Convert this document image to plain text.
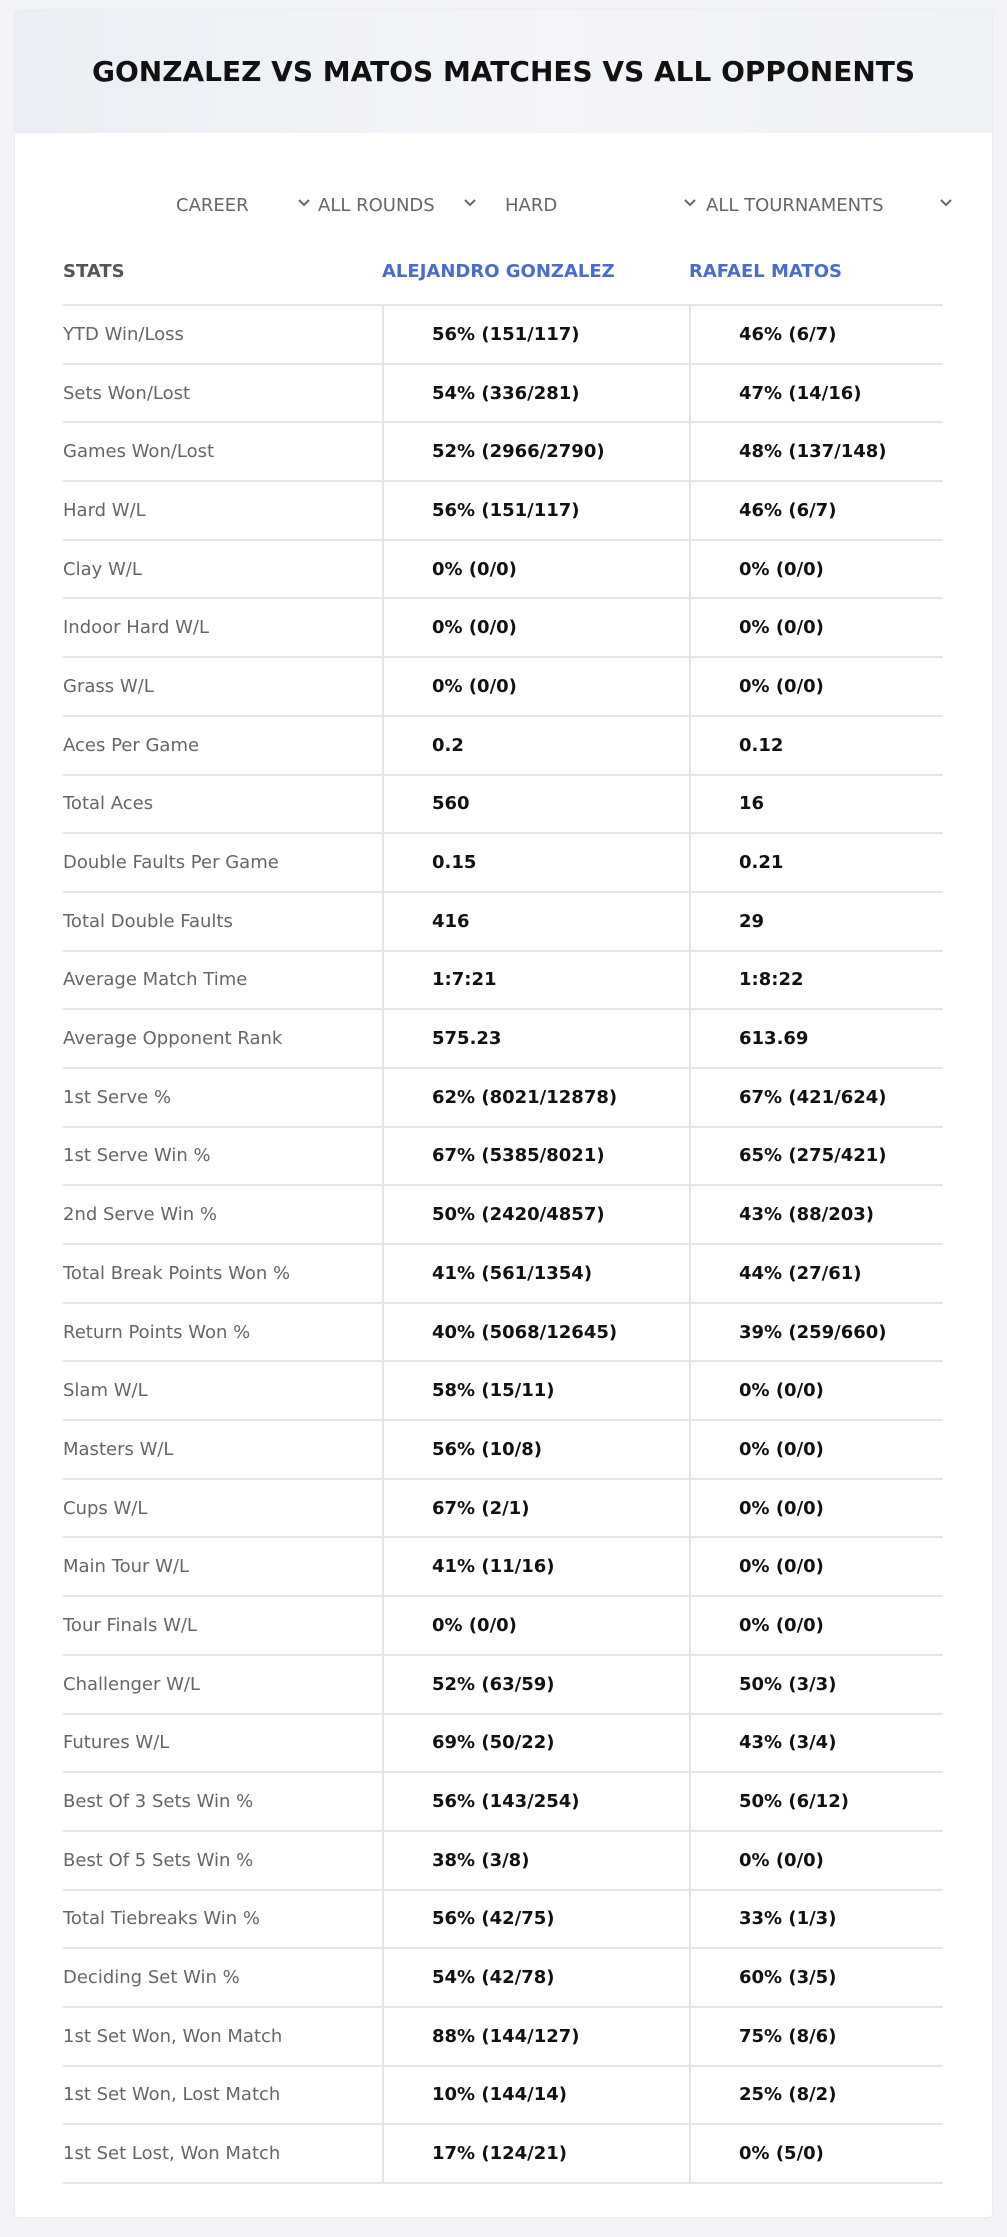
GONZALEZ VS MATOS MATCHES VS ALL OPPONENTS
CAREER	ALL ROUNDS	HARD	ALL TOURNAMENTS
STATS	ALEJANDRO GONZALEZ	RAFAEL MATOS
YTD Win/Loss	56% (151/117)	46% (6/7)
Sets Won/Lost	54% (336/281)	47% (14/16)
Games Won/Lost	52% (2966/2790)	48% (137/148)
Hard W/L	56% (151/117)	46% (6/7)
Clay W/L	0% (0/0)	0% (0/0)
Indoor Hard W/L	0% (0/0)	0% (0/0)
Grass W/L	0% (0/0)	0% (0/0)
Aces Per Game	0.2	0.12
Total Aces	560	16
Double Faults Per Game	0.15	0.21
Total Double Faults	416	29
Average Match Time	1:7:21	1:8:22
Average Opponent Rank	575.23	613.69
1st Serve %	62% (8021/12878)	67% (421/624)
1st Serve Win %	67% (5385/8021)	65% (275/421)
2nd Serve Win %	50% (2420/4857)	43% (88/203)
Total Break Points Won %	41% (561/1354)	44% (27/61)
Return Points Won %	40% (5068/12645)	39% (259/660)
Slam W/L	58% (15/11)	0% (0/0)
Masters W/L	56% (10/8)	0% (0/0)
Cups W/L	67% (2/1)	0% (0/0)
Main Tour W/L	41% (11/16)	0% (0/0)
Tour Finals W/L	0% (0/0)	0% (0/0)
Challenger W/L	52% (63/59)	50% (3/3)
Futures W/L	69% (50/22)	43% (3/4)
Best Of 3 Sets Win %	56% (143/254)	50% (6/12)
Best Of 5 Sets Win %	38% (3/8)	0% (0/0)
Total Tiebreaks Win %	56% (42/75)	33% (1/3)
Deciding Set Win %	54% (42/78)	60% (3/5)
1st Set Won, Won Match	88% (144/127)	75% (8/6)
1st Set Won, Lost Match	10% (144/14)	25% (8/2)
1st Set Lost, Won Match	17% (124/21)	0% (5/0)
